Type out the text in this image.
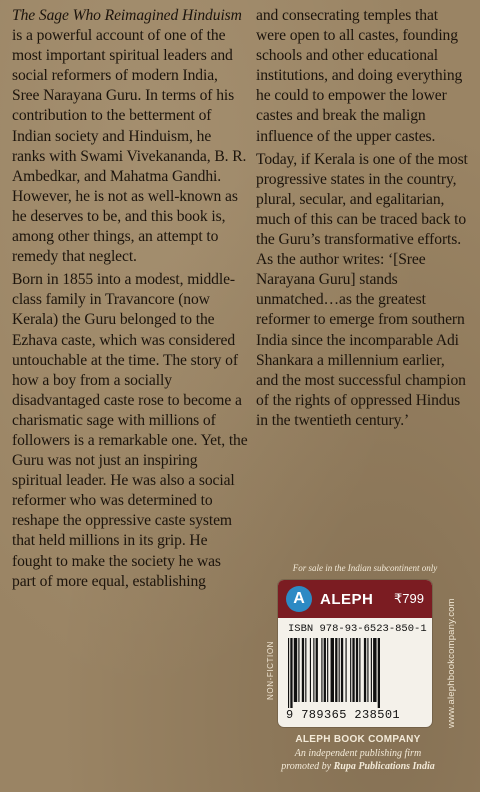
The Sage Who Reimagined Hinduism is a powerful account of one of the most important spiritual leaders and social reformers of modern India, Sree Narayana Guru. In terms of his contribution to the betterment of Indian society and Hinduism, he ranks with Swami Vivekananda, B. R. Ambedkar, and Mahatma Gandhi. However, he is not as well-known as he deserves to be, and this book is, among other things, an attempt to remedy that neglect.

Born in 1855 into a modest, middle-class family in Travancore (now Kerala) the Guru belonged to the Ezhava caste, which was considered untouchable at the time. The story of how a boy from a socially disadvantaged caste rose to become a charismatic sage with millions of followers is a remarkable one. Yet, the Guru was not just an inspiring spiritual leader. He was also a social reformer who was determined to reshape the oppressive caste system that held millions in its grip. He fought to make the society he was part of more equal, establishing

and consecrating temples that were open to all castes, founding schools and other educational institutions, and doing everything he could to empower the lower castes and break the malign influence of the upper castes.

Today, if Kerala is one of the most progressive states in the country, plural, secular, and egalitarian, much of this can be traced back to the Guru’s transformative efforts. As the author writes: ‘[Sree Narayana Guru] stands unmatched…as the greatest reformer to emerge from southern India since the incomparable Adi Shankara a millennium earlier, and the most successful champion of the rights of oppressed Hindus in the twentieth century.’

For sale in the Indian subcontinent only
NON-FICTION
A	ALEPH ₹799
ISBN 978-93-6523-850-1
9 789365 238501	www.alephbookcompany.com
ALEPH BOOK COMPANY
An independent publishing firm
promoted by Rupa Publications India
